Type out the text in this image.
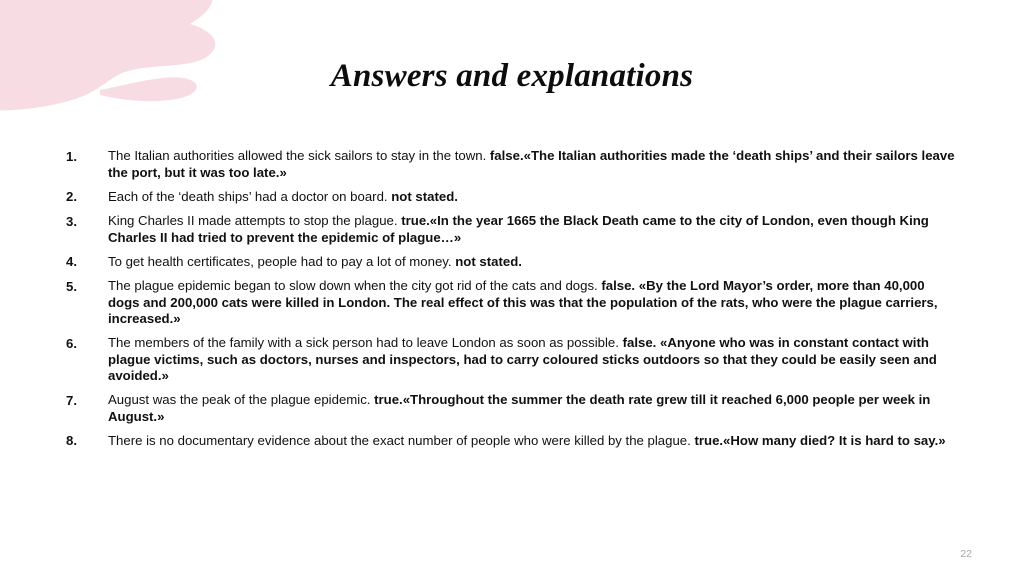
Answers and explanations
1.	The Italian authorities allowed the sick sailors to stay in the town. false.«The Italian authorities made the ‘death ships’ and their sailors leave the port, but it was too late.»
2.	Each of the ‘death ships’ had a doctor on board. not stated.
3.	King Charles II made attempts to stop the plague. true.«In the year 1665 the Black Death came to the city of London, even though King Charles II had tried to prevent the epidemic of plague…»
4.	To get health certificates, people had to pay a lot of money. not stated.
5.	The plague epidemic began to slow down when the city got rid of the cats and dogs. false. «By the Lord Mayor’s order, more than 40,000 dogs and 200,000 cats were killed in London. The real effect of this was that the population of the rats, who were the plague carriers, increased.»
6.	The members of the family with a sick person had to leave London as soon as possible. false. «Anyone who was in constant contact with plague victims, such as doctors, nurses and inspectors, had to carry coloured sticks outdoors so that they could be easily seen and avoided.»
7.	August was the peak of the plague epidemic. true.«Throughout the summer the death rate grew till it reached 6,000 people per week in August.»
8.	There is no documentary evidence about the exact number of people who were killed by the plague. true.«How many died? It is hard to say.»
22
